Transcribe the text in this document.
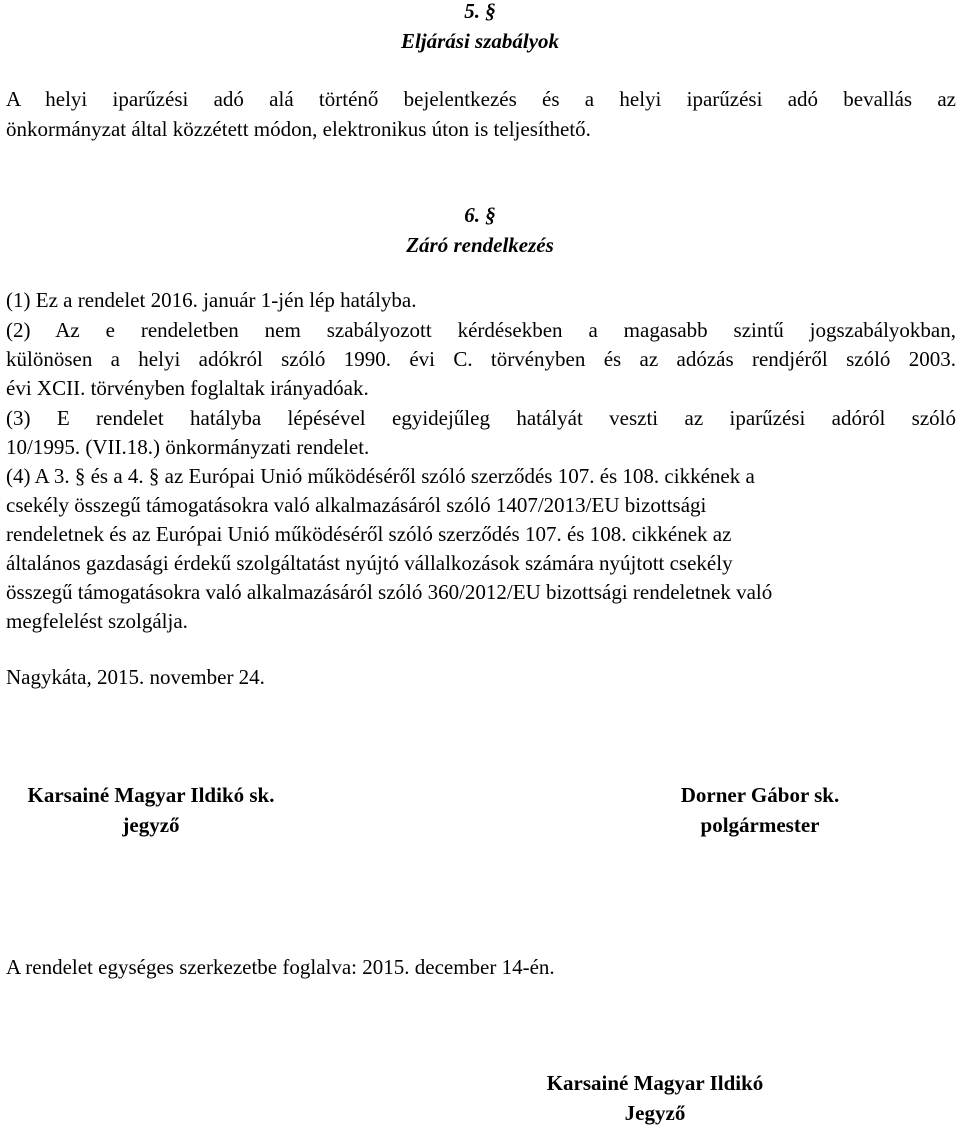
5. §

Eljárási szabályok

A helyi iparűzési adó alá történő bejelentkezés és a helyi iparűzési adó bevallás az

önkormányzat által közzétett módon, elektronikus úton is teljesíthető.

6. §

Záró rendelkezés

(1) Ez a rendelet 2016. január 1-jén lép hatályba.

(2) Az e rendeletben nem szabályozott kérdésekben a magasabb szintű jogszabályokban,

különösen a helyi adókról szóló 1990. évi C. törvényben és az adózás rendjéről szóló 2003.

évi XCII. törvényben foglaltak irányadóak.

(3) E rendelet hatályba lépésével egyidejűleg hatályát veszti az iparűzési adóról szóló

10/1995. (VII.18.) önkormányzati rendelet.

(4) A 3. § és a 4. § az Európai Unió működéséről szóló szerződés 107. és 108. cikkének a

csekély összegű támogatásokra való alkalmazásáról szóló 1407/2013/EU bizottsági

rendeletnek és az Európai Unió működéséről szóló szerződés 107. és 108. cikkének az

általános gazdasági érdekű szolgáltatást nyújtó vállalkozások számára nyújtott csekély

összegű támogatásokra való alkalmazásáról szóló 360/2012/EU bizottsági rendeletnek való

megfelelést szolgálja.

Nagykáta, 2015. november 24.

Karsainé Magyar Ildikó sk.
jegyző
Dorner Gábor sk.
polgármester

A rendelet egységes szerkezetbe foglalva: 2015. december 14-én.

Karsainé Magyar Ildikó
Jegyző
